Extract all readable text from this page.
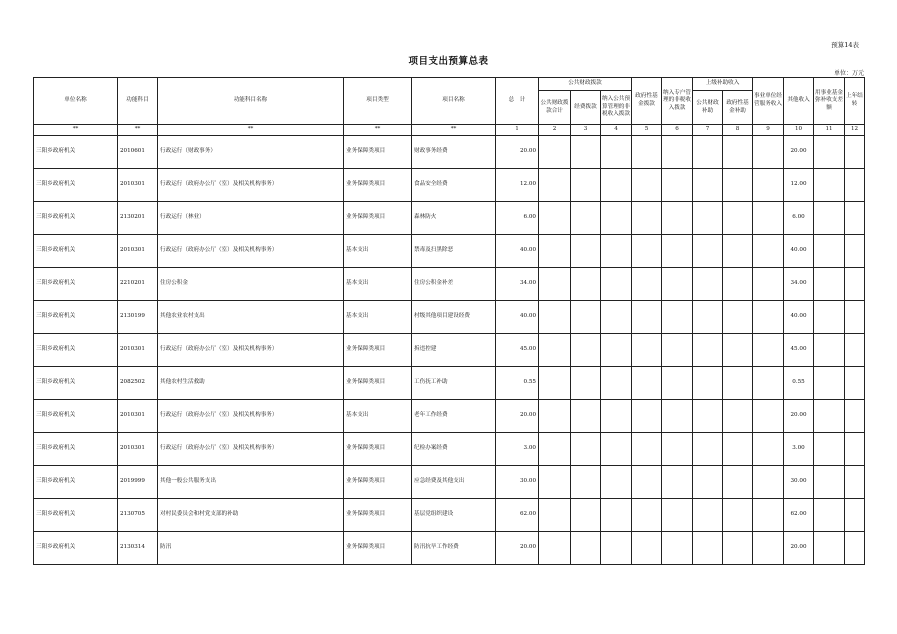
预算14表
项目支出预算总表
单位：万元
单位名称	功能科目	功能科目名称	项目类型	项目名称	总　计	公共财政拨款			政府性基金拨款	纳入专户管理的非税收入拨款	上级补助收入		事业单位经营服务收入	其他收入	用事业基金弥补收支差额	上年结转
						公共财政拨款合计	经费拨款	纳入公共预算管理的非税收入拨款			公共财政补助	政府性基金补助				
**	**	**	**	**	1	2	3	4	5	6	7	8	9	10	11	12
三阳乡政府机关	2010601	行政运行（财政事务）	业务保障类项目	财政事务经费	20.00									20.00		
三阳乡政府机关	2010301	行政运行（政府办公厅（室）及相关机构事务）	业务保障类项目	食品安全经费	12.00									12.00		
三阳乡政府机关	2130201	行政运行（林业）	业务保障类项目	森林防火	6.00									6.00		
三阳乡政府机关	2010301	行政运行（政府办公厅（室）及相关机构事务）	基本支出	禁毒及扫黑除恶	40.00									40.00		
三阳乡政府机关	2210201	住房公积金	基本支出	住房公积金补差	34.00									34.00		
三阳乡政府机关	2130199	其他农业农村支出	基本支出	村级其他项目建设经费	40.00									40.00		
三阳乡政府机关	2010301	行政运行（政府办公厅（室）及相关机构事务）	业务保障类项目	拆违控建	45.00									45.00		
三阳乡政府机关	2082502	其他农村生活救助	业务保障类项目	工伤抚工补助	0.55									0.55		
三阳乡政府机关	2010301	行政运行（政府办公厅（室）及相关机构事务）	基本支出	老年工作经费	20.00									20.00		
三阳乡政府机关	2010301	行政运行（政府办公厅（室）及相关机构事务）	业务保障类项目	纪检办案经费	3.00									3.00		
三阳乡政府机关	2019999	其他一般公共服务支出	业务保障类项目	应急经费及其他支出	30.00									30.00		
三阳乡政府机关	2130705	对村民委员会和村党支部的补助	业务保障类项目	基层党组织建设	62.00									62.00		
三阳乡政府机关	2130314	防汛	业务保障类项目	防汛抗旱工作经费	20.00									20.00		
